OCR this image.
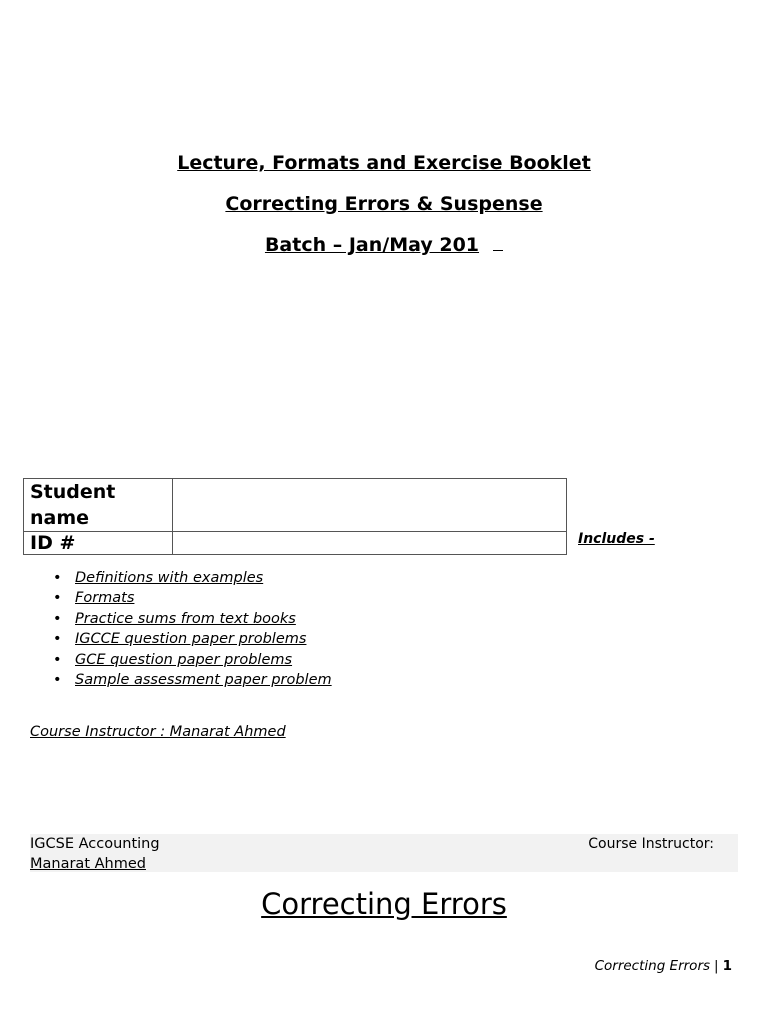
Lecture, Formats and Exercise Booklet
Correcting Errors & Suspense
Batch – Jan/May 201
Student name	
ID #		Includes -
• Definitions with examples
• Formats
• Practice sums from text books
• IGCCE question paper problems
• GCE question paper problems
• Sample assessment paper problem
Course Instructor : Manarat Ahmed
IGCSE Accounting
Manarat Ahmed
Course Instructor:
Correcting Errors
Correcting Errors | 1
